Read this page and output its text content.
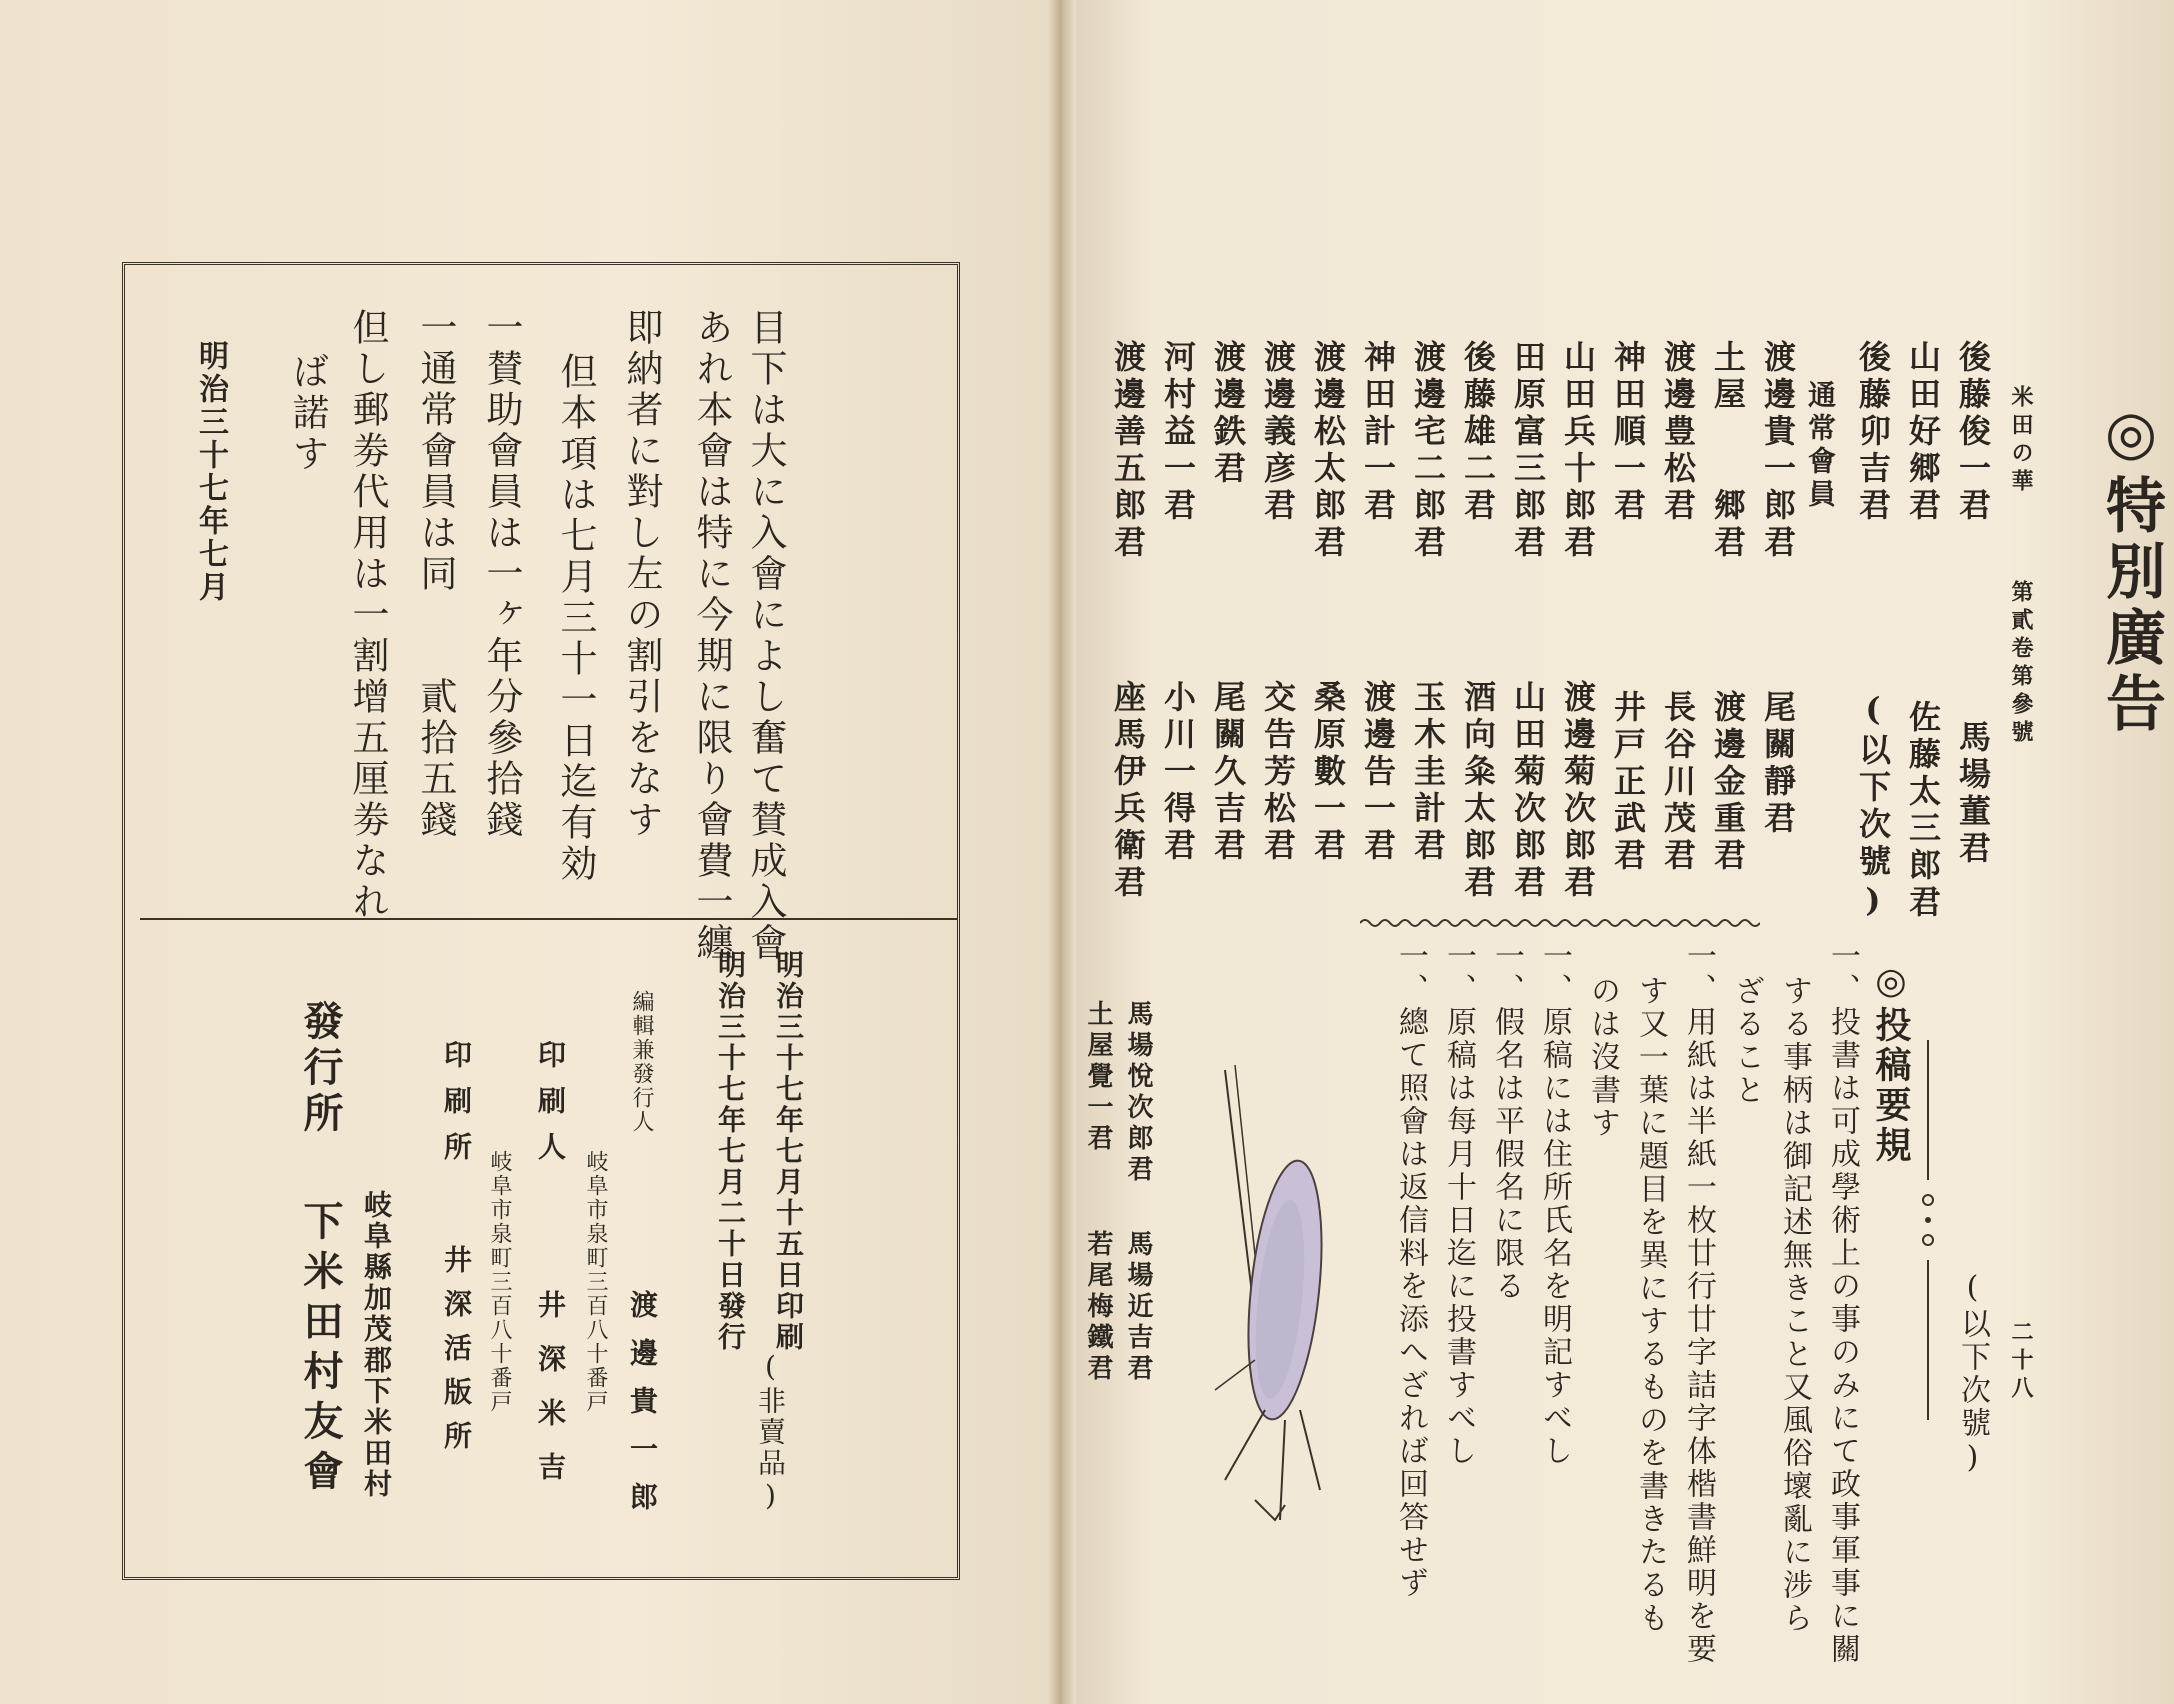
◎特別廣告
目下は大に入會によし奮て賛成入會
あれ本會は特に今期に限り會費一纏
即納者に對し左の割引をなす
但本項は七月三十一日迄有効
一賛助會員は一ヶ年分參拾錢
一通常會員は同　　貳拾五錢
但し郵劵代用は一割增五厘劵なれ
ば諾す
明治三十七年七月
明治三十七年七月十五日印刷
明治三十七年七月二十日發行
(非賣品)
編輯兼發行人
岐阜市泉町三百八十番戸 渡邊貴一郎
印刷人
岐阜市泉町三百八十番戸 井深米吉
印刷所
井深活版所
發行所
岐阜縣加茂郡下米田村
下米田村友會
米田の華
第貳卷第參號
二十八
後藤俊一君
馬場董君
山田好郷君
佐藤太三郎君
後藤卯吉君
(以下次號)
通常會員
渡邊貴一郎君
尾關靜君
土屋　　郷君
渡邊金重君
渡邊豊松君
長谷川茂君
神田順一君
井戸正武君
山田兵十郎君
渡邊菊次郎君
田原富三郎君
山田菊次郎君
後藤雄二君
酒向粂太郎君
渡邊宅二郎君
玉木圭計君
神田計一君
渡邊告一君
渡邊松太郎君
桑原數一君
渡邊義彦君
交告芳松君
渡邊鉄君
尾關久吉君
河村益一君
小川一得君
渡邊善五郎君
座馬伊兵衛君
土屋覺一君
若尾梅鐵君
馬場悅次郎君
馬場近吉君	(以下次號)
◎投稿要規
一、投書は可成學術上の事のみにて政事軍事に關
する事柄は御記述無きこと又風俗壞亂に涉ら
ざること
一、用紙は半紙一枚廿行廿字詰字体楷書鮮明を要
す又一葉に題目を異にするものを書きたるも
のは沒書す
一、原稿には住所氏名を明記すべし
一、假名は平假名に限る
一、原稿は每月十日迄に投書すべし
一、總て照會は返信料を添へざれば回答せず
